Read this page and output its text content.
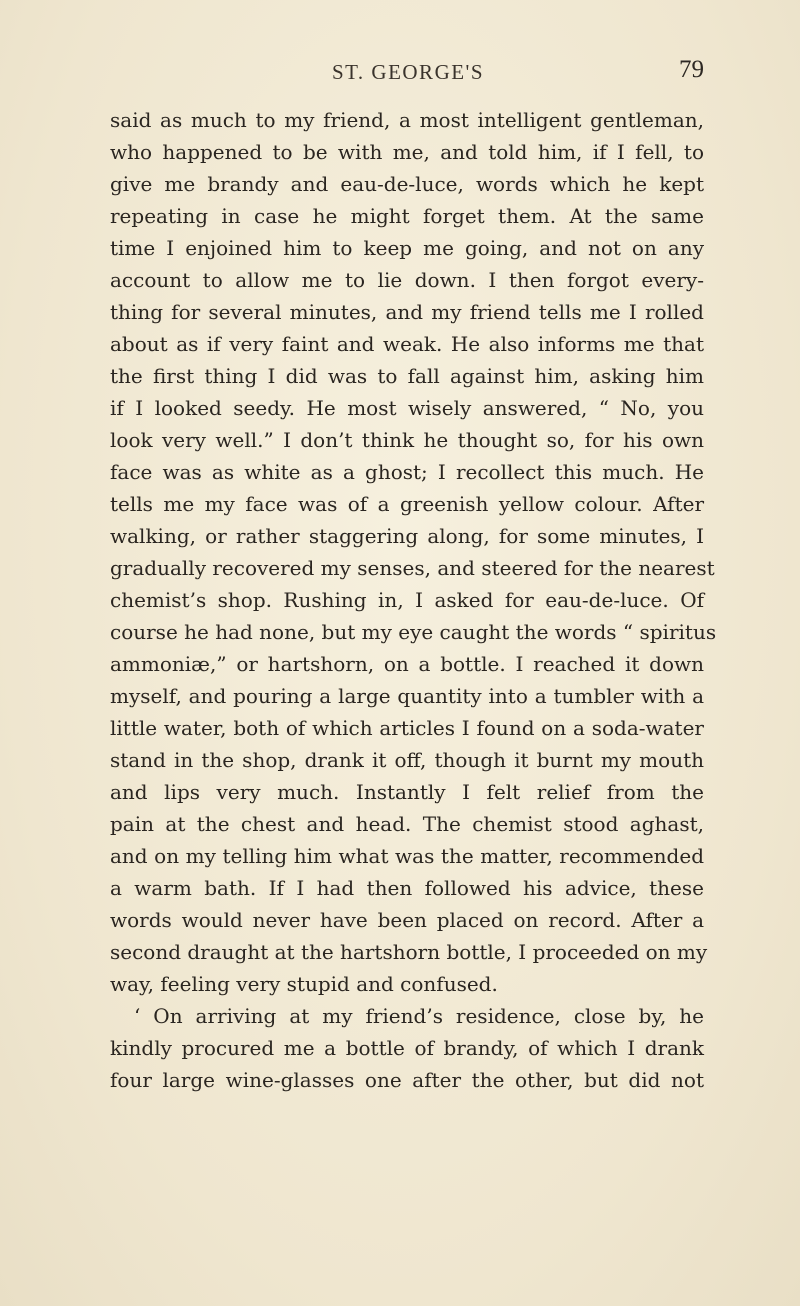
ST. GEORGE'S	79
said as much to my friend, a most intelligent gentleman,
who happened to be with me, and told him, if I fell, to
give me brandy and eau-de-luce, words which he kept
repeating in case he might forget them. At the same
time I enjoined him to keep me going, and not on any
account to allow me to lie down. I then forgot every-
thing for several minutes, and my friend tells me I rolled
about as if very faint and weak. He also informs me that
the first thing I did was to fall against him, asking him
if I looked seedy. He most wisely answered, “ No, you
look very well.” I don’t think he thought so, for his own
face was as white as a ghost; I recollect this much. He
tells me my face was of a greenish yellow colour. After
walking, or rather staggering along, for some minutes, I
gradually recovered my senses, and steered for the nearest
chemist’s shop. Rushing in, I asked for eau-de-luce. Of
course he had none, but my eye caught the words “ spiritus
ammoniæ,” or hartshorn, on a bottle. I reached it down
myself, and pouring a large quantity into a tumbler with a
little water, both of which articles I found on a soda-water
stand in the shop, drank it off, though it burnt my mouth
and lips very much. Instantly I felt relief from the
pain at the chest and head. The chemist stood aghast,
and on my telling him what was the matter, recommended
a warm bath. If I had then followed his advice, these
words would never have been placed on record. After a
second draught at the hartshorn bottle, I proceeded on my
way, feeling very stupid and confused.
‘ On arriving at my friend’s residence, close by, he
kindly procured me a bottle of brandy, of which I drank
four large wine-glasses one after the other, but did not
